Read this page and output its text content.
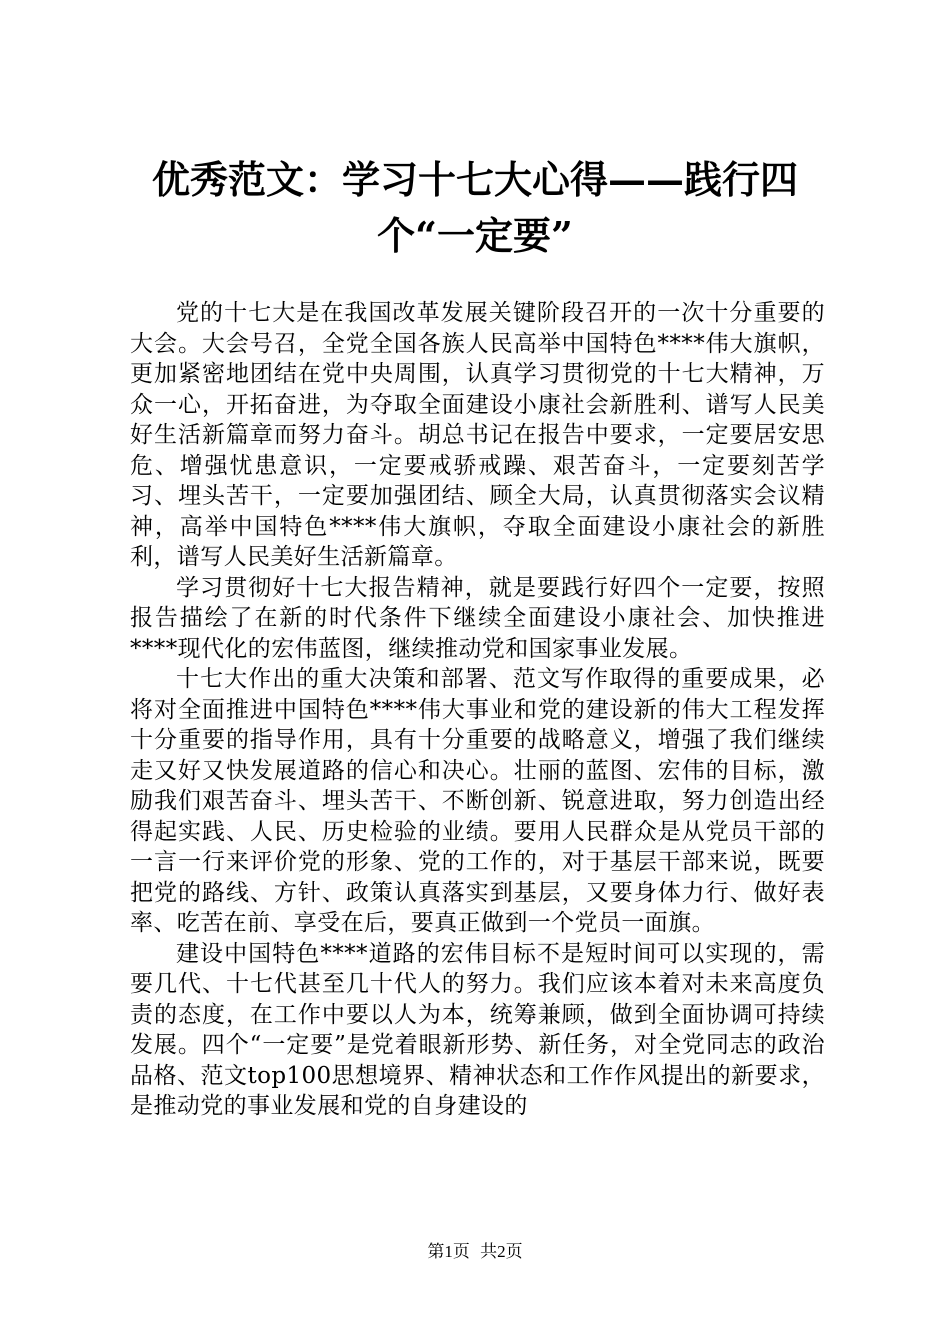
优秀范文：学习十七大心得——践行四个“一定要”

党的十七大是在我国改革发展关键阶段召开的一次十分重要的大会。大会号召，全党全国各族人民高举中国特色****伟大旗帜，更加紧密地团结在党中央周围，认真学习贯彻党的十七大精神，万众一心，开拓奋进，为夺取全面建设小康社会新胜利、谱写人民美好生活新篇章而努力奋斗。胡总书记在报告中要求，一定要居安思危、增强忧患意识，一定要戒骄戒躁、艰苦奋斗，一定要刻苦学习、埋头苦干，一定要加强团结、顾全大局，认真贯彻落实会议精神，高举中国特色****伟大旗帜，夺取全面建设小康社会的新胜利，谱写人民美好生活新篇章。

学习贯彻好十七大报告精神，就是要践行好四个一定要，按照报告描绘了在新的时代条件下继续全面建设小康社会、加快推进****现代化的宏伟蓝图，继续推动党和国家事业发展。

十七大作出的重大决策和部署、范文写作取得的重要成果，必将对全面推进中国特色****伟大事业和党的建设新的伟大工程发挥十分重要的指导作用，具有十分重要的战略意义，增强了我们继续走又好又快发展道路的信心和决心。壮丽的蓝图、宏伟的目标，激励我们艰苦奋斗、埋头苦干、不断创新、锐意进取，努力创造出经得起实践、人民、历史检验的业绩。要用人民群众是从党员干部的一言一行来评价党的形象、党的工作的，对于基层干部来说，既要把党的路线、方针、政策认真落实到基层，又要身体力行、做好表率、吃苦在前、享受在后，要真正做到一个党员一面旗。

建设中国特色****道路的宏伟目标不是短时间可以实现的，需要几代、十七代甚至几十代人的努力。我们应该本着对未来高度负责的态度，在工作中要以人为本，统筹兼顾，做到全面协调可持续发展。四个“一定要”是党着眼新形势、新任务，对全党同志的政治品格、范文top100思想境界、精神状态和工作作风提出的新要求，是推动党的事业发展和党的自身建设的

第1页 共2页
